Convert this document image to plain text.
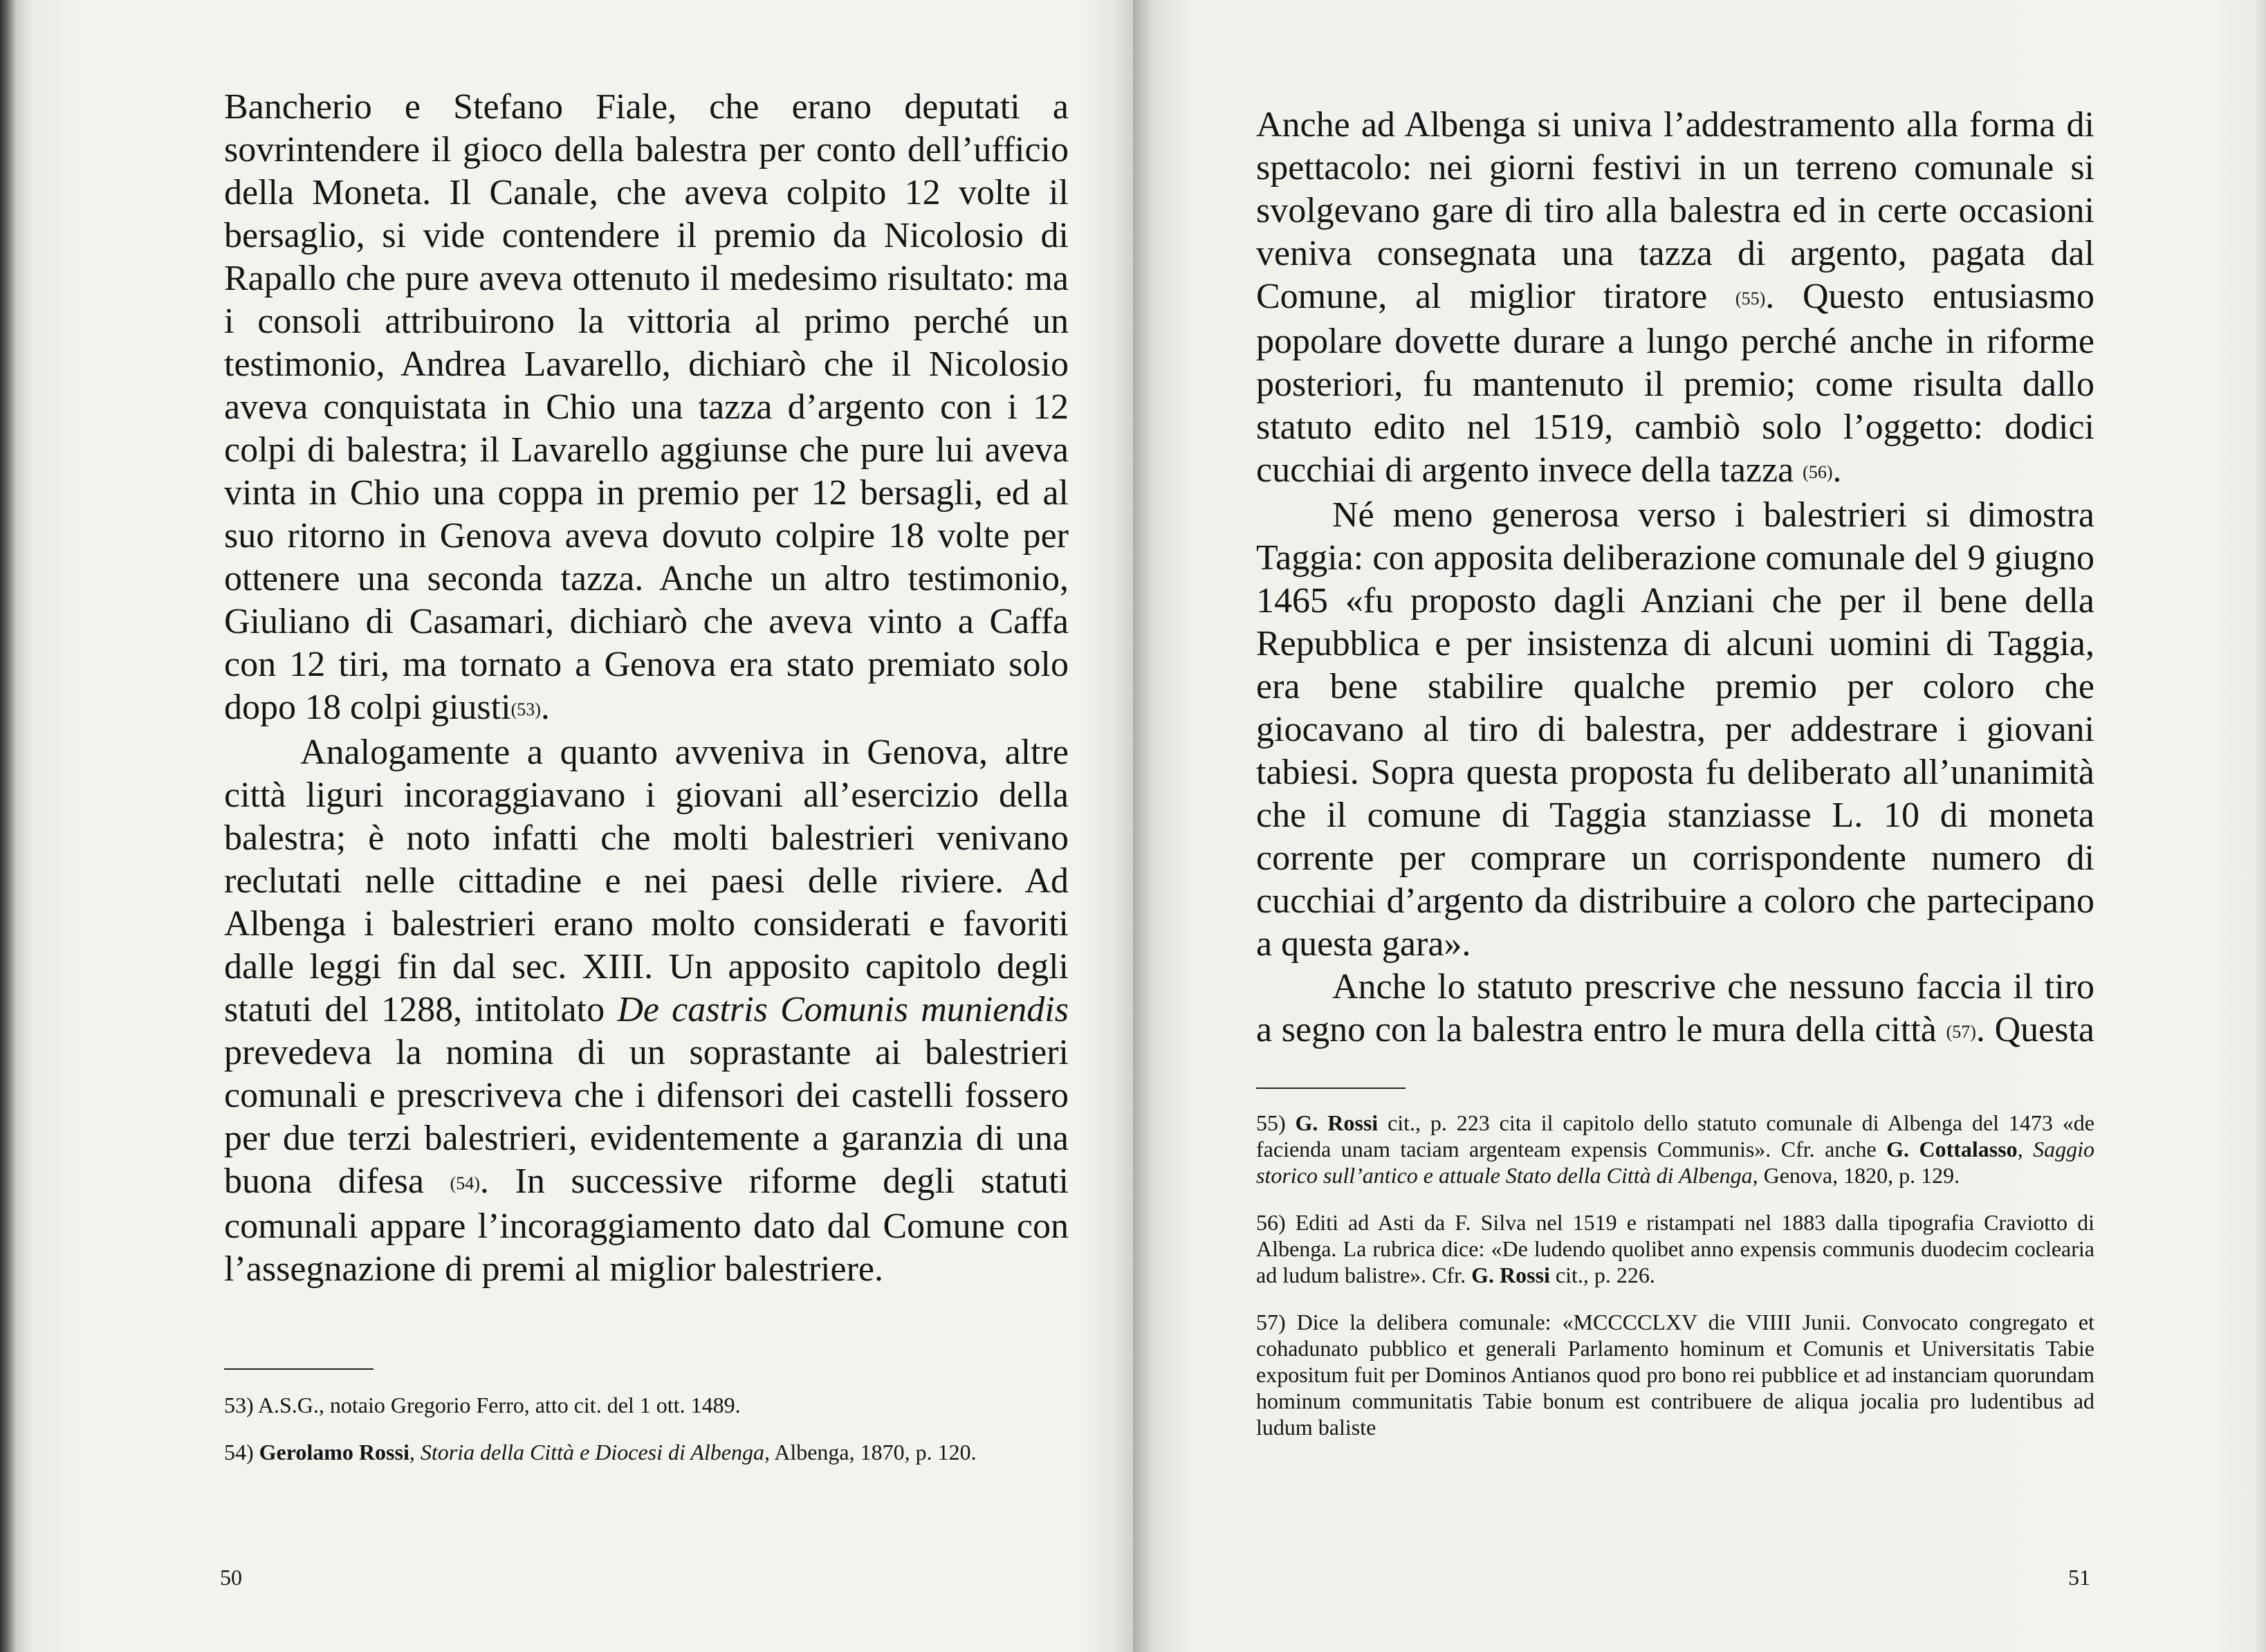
Bancherio e Stefano Fiale, che erano deputati a sovrintendere il gioco della balestra per conto dell’ufficio della Moneta. Il Canale, che aveva colpito 12 volte il bersaglio, si vide contendere il premio da Nicolosio di Rapallo che pure aveva ottenuto il medesimo risultato: ma i consoli attribuirono la vittoria al primo perché un testimonio, Andrea Lavarello, dichiarò che il Nicolosio aveva conquistata in Chio una tazza d’argento con i 12 colpi di balestra; il Lavarello aggiunse che pure lui aveva vinta in Chio una coppa in premio per 12 bersagli, ed al suo ritorno in Genova aveva dovuto colpire 18 volte per ottenere una seconda tazza. Anche un altro testimonio, Giuliano di Casamari, dichiarò che aveva vinto a Caffa con 12 tiri, ma tornato a Genova era stato premiato solo dopo 18 colpi giusti(53).

Analogamente a quanto avveniva in Genova, altre città liguri incoraggiavano i giovani all’esercizio della balestra; è noto infatti che molti balestrieri venivano reclutati nelle cittadine e nei paesi delle riviere. Ad Albenga i balestrieri erano molto considerati e favoriti dalle leggi fin dal sec. XIII. Un apposito capitolo degli statuti del 1288, intitolato De castris Comunis muniendis prevedeva la nomina di un soprastante ai balestrieri comunali e prescriveva che i difensori dei castelli fossero per due terzi balestrieri, evidentemente a garanzia di una buona difesa (54). In successive riforme degli statuti comunali appare l’incoraggiamento dato dal Comune con l’assegnazione di premi al miglior balestriere.

53) A.S.G., notaio Gregorio Ferro, atto cit. del 1 ott. 1489.

54) Gerolamo Rossi, Storia della Città e Diocesi di Albenga, Albenga, 1870, p. 120.

50

Anche ad Albenga si univa l’addestramento alla forma di spettacolo: nei giorni festivi in un terreno comunale si svolgevano gare di tiro alla balestra ed in certe occasioni veniva consegnata una tazza di argento, pagata dal Comune, al miglior tiratore (55). Questo entusiasmo popolare dovette durare a lungo perché anche in riforme posteriori, fu mantenuto il premio; come risulta dallo statuto edito nel 1519, cambiò solo l’oggetto: dodici cucchiai di argento invece della tazza (56).

Né meno generosa verso i balestrieri si dimostra Taggia: con apposita deliberazione comunale del 9 giugno 1465 «fu proposto dagli Anziani che per il bene della Repubblica e per insistenza di alcuni uomini di Taggia, era bene stabilire qualche premio per coloro che giocavano al tiro di balestra, per addestrare i giovani tabiesi. Sopra questa proposta fu deliberato all’unanimità che il comune di Taggia stanziasse L. 10 di moneta corrente per comprare un corrispondente numero di cucchiai d’argento da distribuire a coloro che partecipano a questa gara».

Anche lo statuto prescrive che nessuno faccia il tiro a segno con la balestra entro le mura della città (57). Questa

55) G. Rossi cit., p. 223 cita il capitolo dello statuto comunale di Albenga del 1473 «de facienda unam taciam argenteam expensis Communis». Cfr. anche G. Cottalasso, Saggio storico sull’antico e attuale Stato della Città di Albenga, Genova, 1820, p. 129.

56) Editi ad Asti da F. Silva nel 1519 e ristampati nel 1883 dalla tipografia Craviotto di Albenga. La rubrica dice: «De ludendo quolibet anno expensis communis duodecim coclearia ad ludum balistre». Cfr. G. Rossi cit., p. 226.

57) Dice la delibera comunale: «MCCCCLXV die VIIII Junii. Convocato congregato et cohadunato pubblico et generali Parlamento hominum et Comunis et Universitatis Tabie expositum fuit per Dominos Antianos quod pro bono rei pubblice et ad instanciam quorundam hominum communitatis Tabie bonum est contribuere de aliqua jocalia pro ludentibus ad ludum baliste

51
